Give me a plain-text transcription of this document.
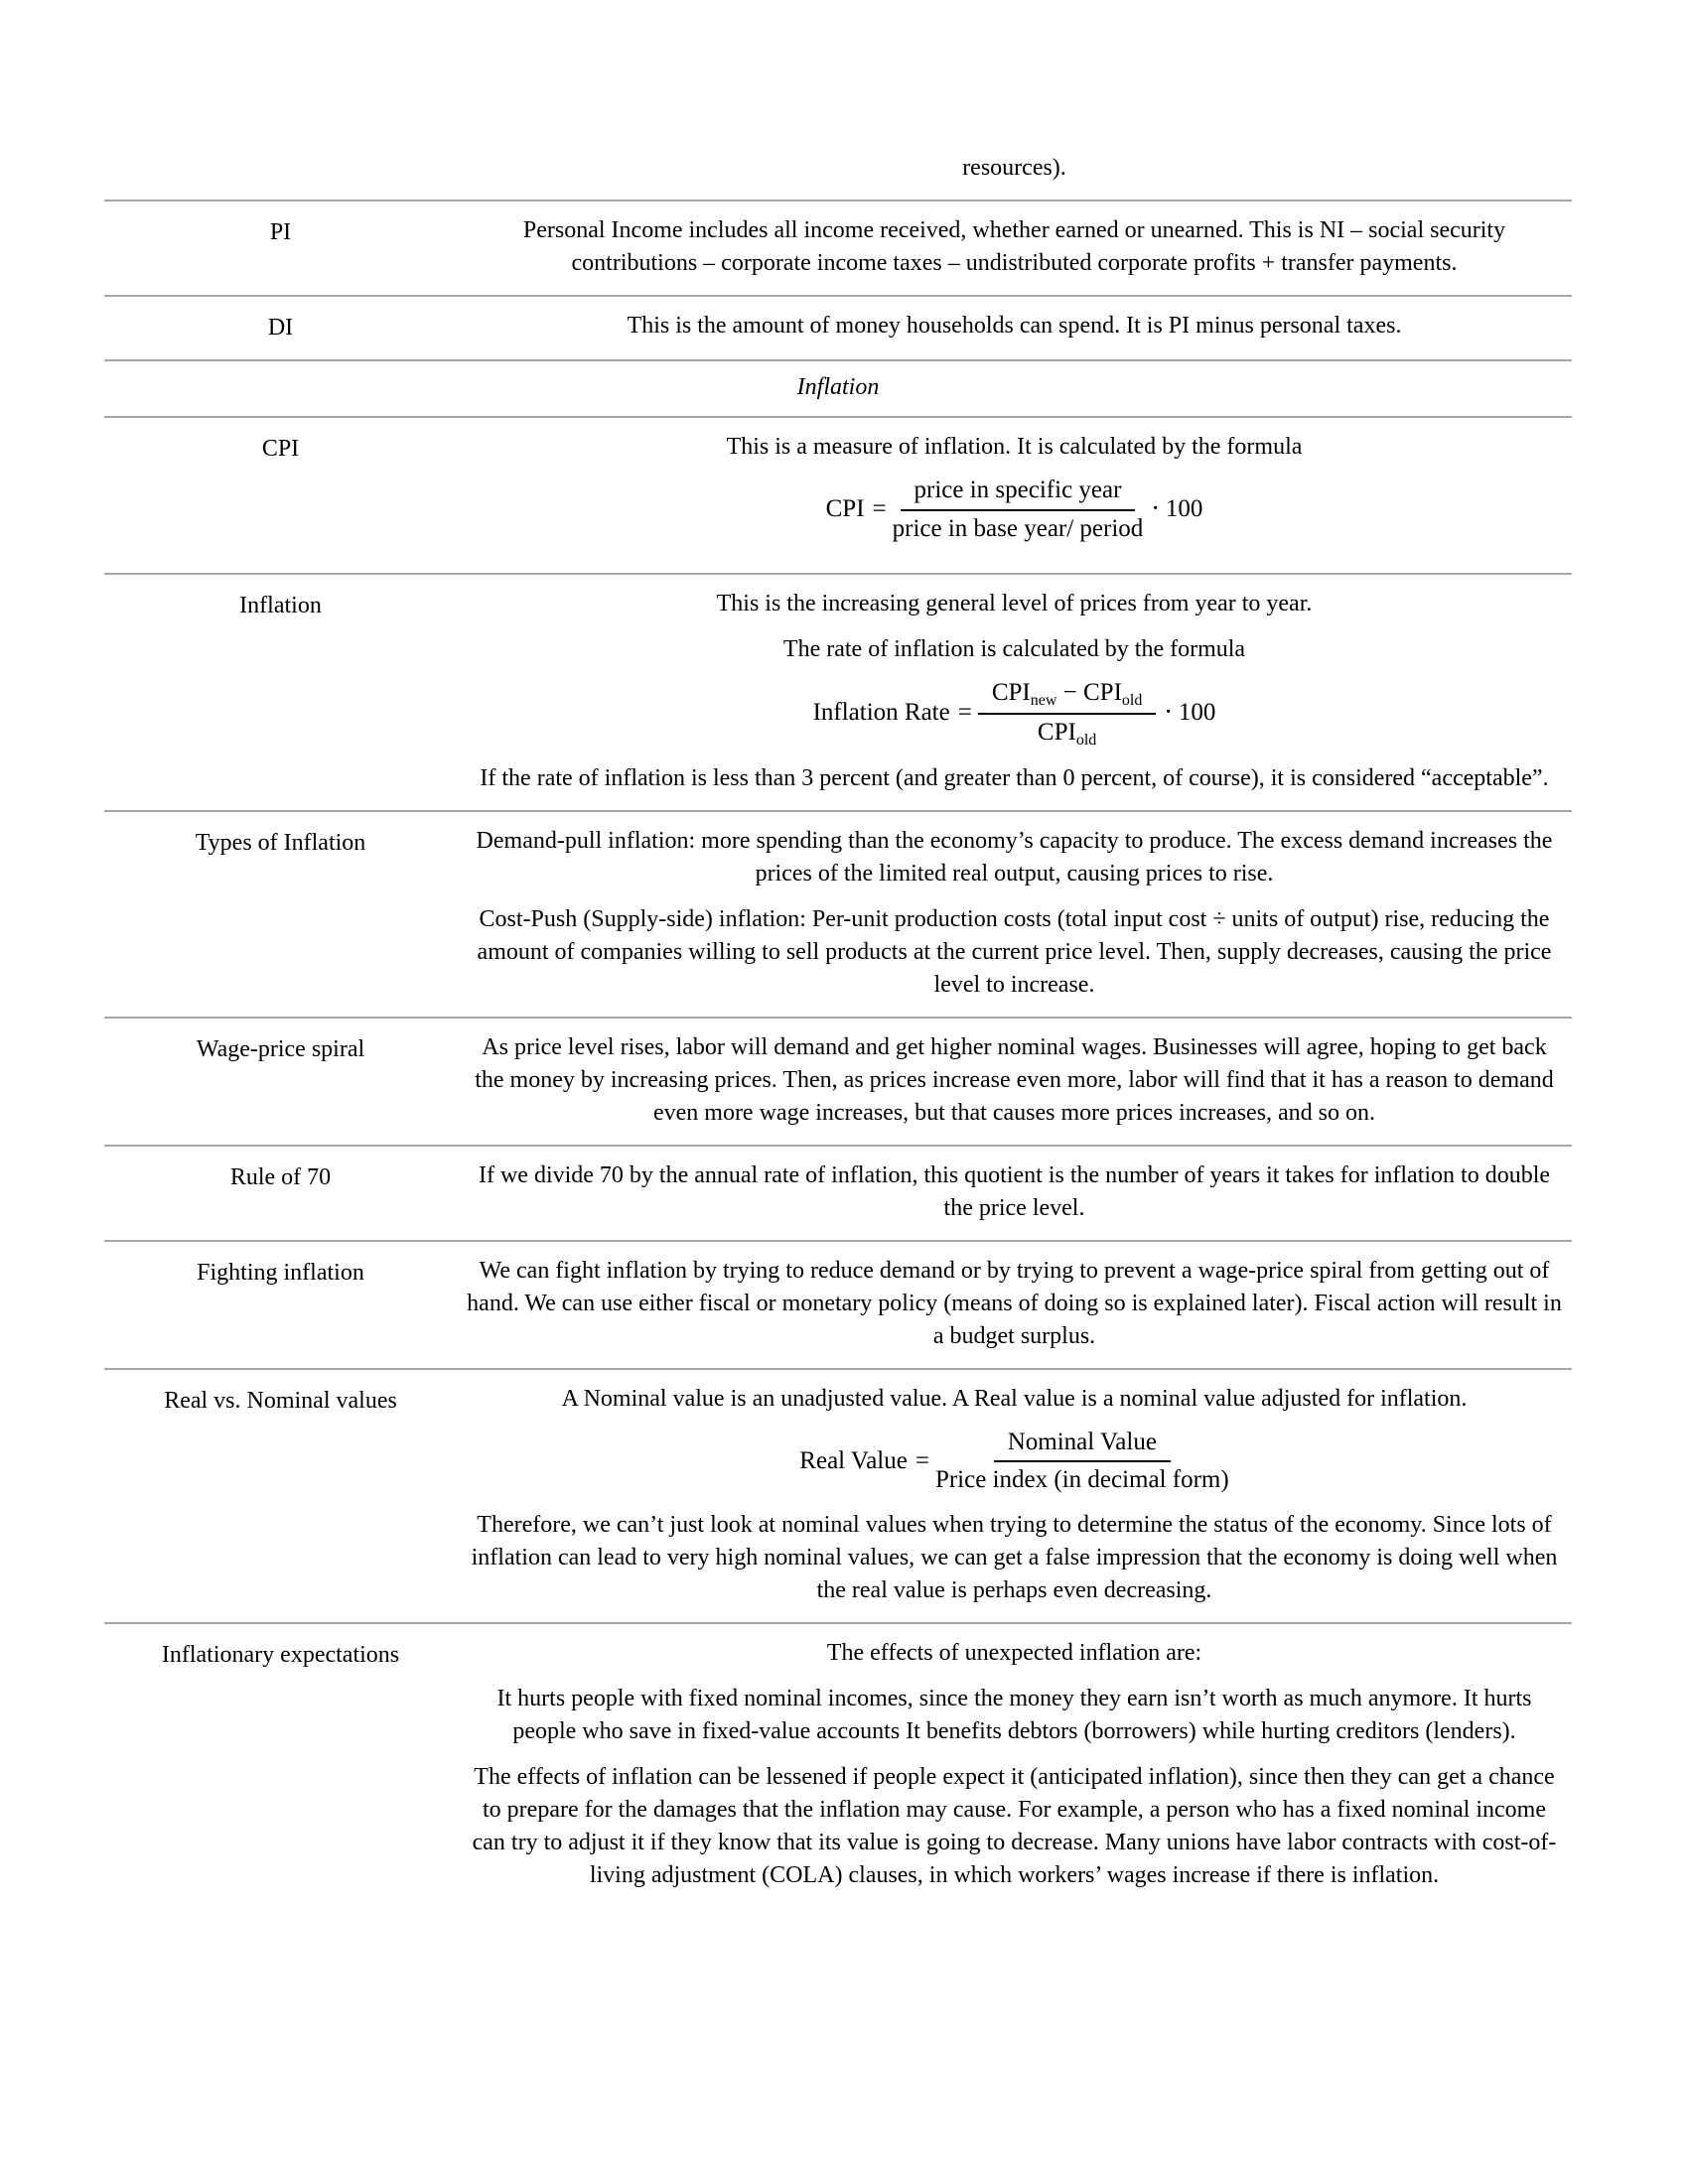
resources).

PI	Personal Income includes all income received, whether earned or unearned. This is NI – social security contributions – corporate income taxes – undistributed corporate profits + transfer payments.

DI	This is the amount of money households can spend. It is PI minus personal taxes.

Inflation
CPI	This is a measure of inflation. It is calculated by the formula

CPI = $\frac{\text{price in specific year}}{\text{price in base year/ period}} \cdot 100$
Inflation	This is the increasing general level of prices from year to year.

The rate of inflation is calculated by the formula

Inflation Rate = $\frac{CPI_{new} - CPI_{old}}{CPI_{old}} \cdot 100$

If the rate of inflation is less than 3 percent (and greater than 0 percent, of course), it is considered “acceptable”.

Types of Inflation	Demand-pull inflation: more spending than the economy’s capacity to produce. The excess demand increases the prices of the limited real output, causing prices to rise.

Cost-Push (Supply-side) inflation: Per-unit production costs (total input cost ÷ units of output) rise, reducing the amount of companies willing to sell products at the current price level. Then, supply decreases, causing the price level to increase.

Wage-price spiral	As price level rises, labor will demand and get higher nominal wages. Businesses will agree, hoping to get back the money by increasing prices. Then, as prices increase even more, labor will find that it has a reason to demand even more wage increases, but that causes more prices increases, and so on.

Rule of 70	If we divide 70 by the annual rate of inflation, this quotient is the number of years it takes for inflation to double the price level.

Fighting inflation	We can fight inflation by trying to reduce demand or by trying to prevent a wage-price spiral from getting out of hand. We can use either fiscal or monetary policy (means of doing so is explained later). Fiscal action will result in a budget surplus.

Real vs. Nominal values	A Nominal value is an unadjusted value. A Real value is a nominal value adjusted for inflation.

Real Value = $\frac{\text{Nominal Value}}{\text{Price index (in decimal form)}}$

Therefore, we can’t just look at nominal values when trying to determine the status of the economy. Since lots of inflation can lead to very high nominal values, we can get a false impression that the economy is doing well when the real value is perhaps even decreasing.

Inflationary expectations	The effects of unexpected inflation are:

It hurts people with fixed nominal incomes, since the money they earn isn’t worth as much anymore. It hurts people who save in fixed-value accounts It benefits debtors (borrowers) while hurting creditors (lenders).

The effects of inflation can be lessened if people expect it (anticipated inflation), since then they can get a chance to prepare for the damages that the inflation may cause. For example, a person who has a fixed nominal income can try to adjust it if they know that its value is going to decrease. Many unions have labor contracts with cost-of-living adjustment (COLA) clauses, in which workers’ wages increase if there is inflation.
